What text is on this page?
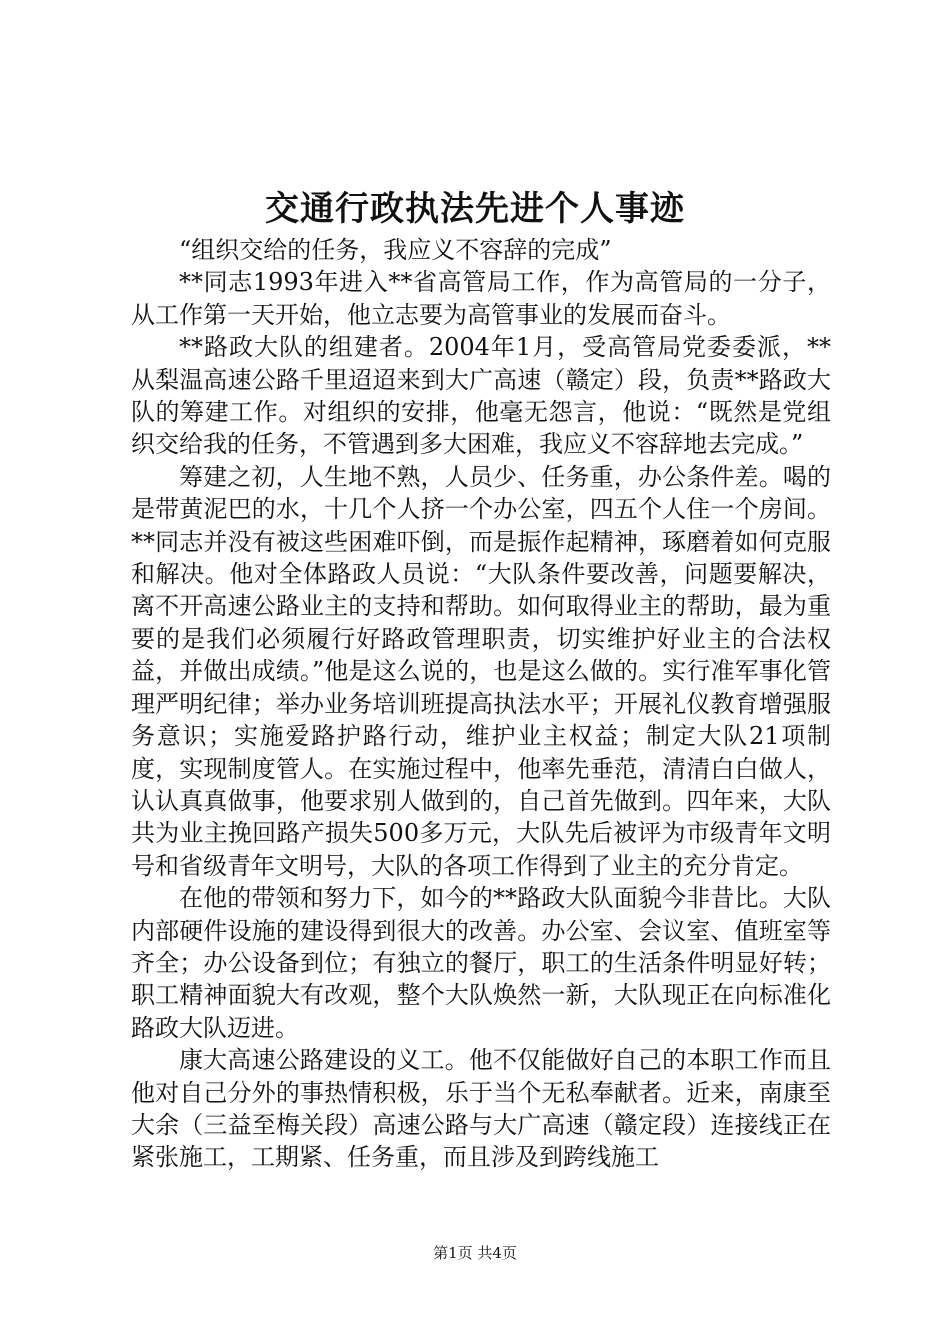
交通行政执法先进个人事迹

“组织交给的任务，我应义不容辞的完成”

**同志1993年进入**省高管局工作，作为高管局的一分子，从工作第一天开始，他立志要为高管事业的发展而奋斗。

**路政大队的组建者。2004年1月，受高管局党委委派，**从梨温高速公路千里迢迢来到大广高速（赣定）段，负责**路政大队的筹建工作。对组织的安排，他毫无怨言，他说：“既然是党组织交给我的任务，不管遇到多大困难，我应义不容辞地去完成。”

筹建之初，人生地不熟，人员少、任务重，办公条件差。喝的是带黄泥巴的水，十几个人挤一个办公室，四五个人住一个房间。**同志并没有被这些困难吓倒，而是振作起精神，琢磨着如何克服和解决。他对全体路政人员说：“大队条件要改善，问题要解决，离不开高速公路业主的支持和帮助。如何取得业主的帮助，最为重要的是我们必须履行好路政管理职责，切实维护好业主的合法权益，并做出成绩。”他是这么说的，也是这么做的。实行准军事化管理严明纪律；举办业务培训班提高执法水平；开展礼仪教育增强服务意识；实施爱路护路行动，维护业主权益；制定大队21项制度，实现制度管人。在实施过程中，他率先垂范，清清白白做人，认认真真做事，他要求别人做到的，自己首先做到。四年来，大队共为业主挽回路产损失500多万元，大队先后被评为市级青年文明号和省级青年文明号，大队的各项工作得到了业主的充分肯定。

在他的带领和努力下，如今的**路政大队面貌今非昔比。大队内部硬件设施的建设得到很大的改善。办公室、会议室、值班室等齐全；办公设备到位；有独立的餐厅，职工的生活条件明显好转；职工精神面貌大有改观，整个大队焕然一新，大队现正在向标准化路政大队迈进。

康大高速公路建设的义工。他不仅能做好自己的本职工作而且他对自己分外的事热情积极，乐于当个无私奉献者。近来，南康至大余（三益至梅关段）高速公路与大广高速（赣定段）连接线正在紧张施工，工期紧、任务重，而且涉及到跨线施工

第1页 共4页
